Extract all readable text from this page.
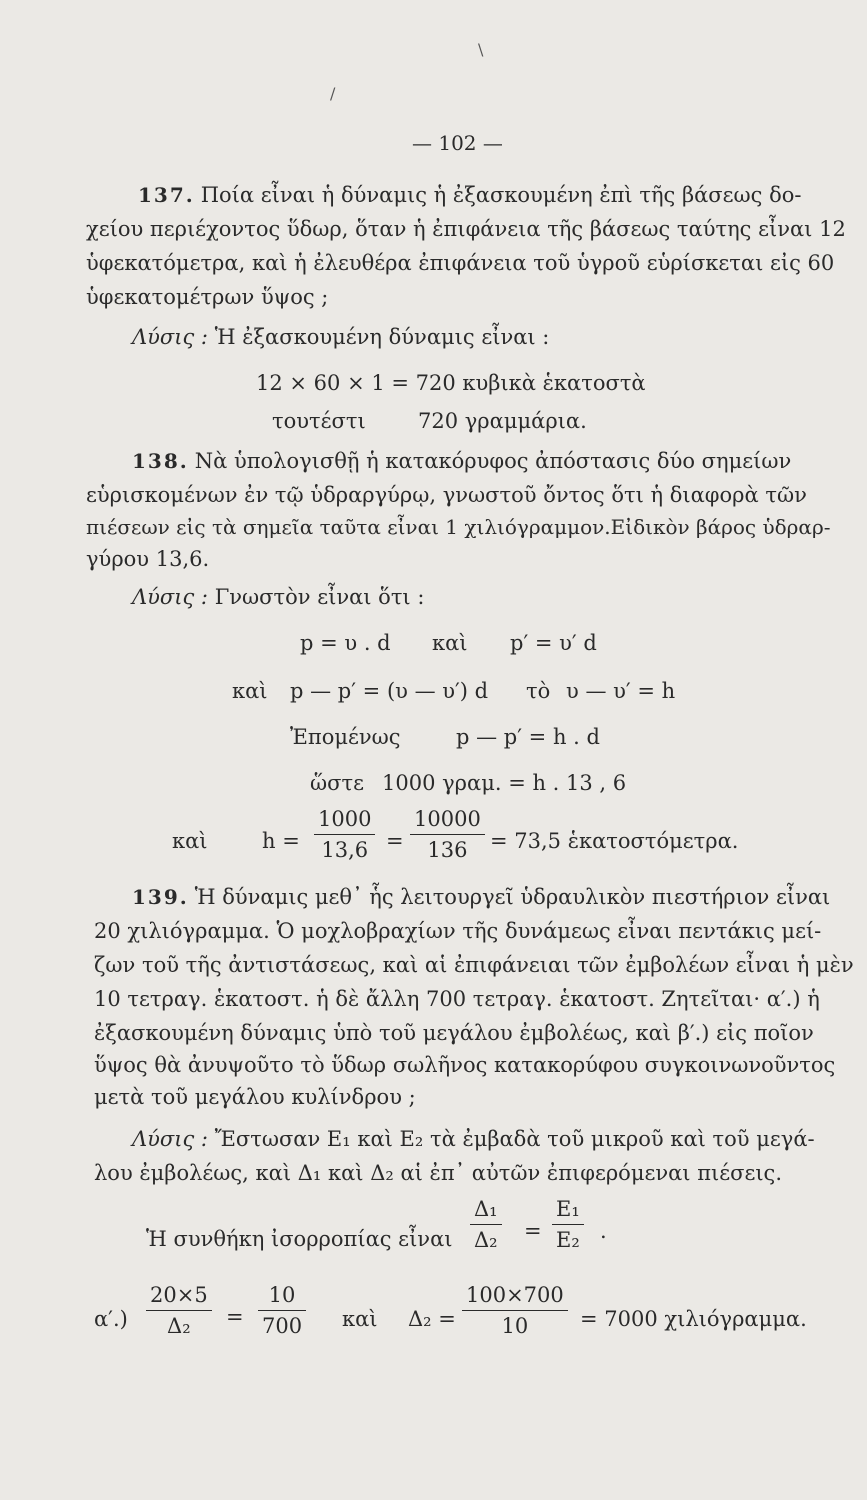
\
/
— 102 —
137. Ποία εἶναι ἡ δύναμις ἡ ἐξασκουμένη ἐπὶ τῆς βάσεως δο-
χείου περιέχοντος ὕδωρ, ὅταν ἡ ἐπιφάνεια τῆς βάσεως ταύτης εἶναι 12
ὑφεκατόμετρα, καὶ ἡ ἐλευθέρα ἐπιφάνεια τοῦ ὑγροῦ εὑρίσκεται εἰς 60
ὑφεκατομέτρων ὕψος ;
Λύσις : Ἡ ἐξασκουμένη δύναμις εἶναι :
12 ⨯ 60 ⨯ 1 = 720 κυβικὰ ἑκατοστὰ
τουτέστι 720 γραμμάρια.
138. Νὰ ὑπολογισθῇ ἡ κατακόρυφος ἀπόστασις δύο σημείων
εὑρισκομένων ἐν τῷ ὑδραργύρῳ, γνωστοῦ ὄντος ὅτι ἡ διαφορὰ τῶν
πιέσεων εἰς τὰ σημεῖα ταῦτα εἶναι 1 χιλιόγραμμον.Εἰδικὸν βάρος ὑδραρ-
γύρου 13,6.
Λύσις : Γνωστὸν εἶναι ὅτι :
p = υ . d καὶ p′ = υ′ d
καὶ p — p′ = (υ — υ′) d τὸ υ — υ′ = h
Ἐπομένως	p — p′ = h . d
ὥστε 1000 γραμ. = h . 13 , 6
καὶ	h =
1000
13,6 =
10000
136 = 73,5 ἑκατοστόμετρα.
139. Ἡ δύναμις μεθ᾽ ἧς λειτουργεῖ ὑδραυλικὸν πιεστήριον εἶναι
20 χιλιόγραμμα. Ὁ μοχλοβραχίων τῆς δυνάμεως εἶναι πεντάκις μεί-
ζων τοῦ τῆς ἀντιστάσεως, καὶ αἱ ἐπιφάνειαι τῶν ἐμβολέων εἶναι ἡ μὲν
10 τετραγ. ἑκατοστ. ἡ δὲ ἄλλη 700 τετραγ. ἑκατοστ. Ζητεῖται· α′.) ἡ
ἐξασκουμένη δύναμις ὑπὸ τοῦ μεγάλου ἐμβολέως, καὶ β′.) εἰς ποῖον
ὕψος θὰ ἀνυψοῦτο τὸ ὕδωρ σωλῆνος κατακορύφου συγκοινωνοῦντος
μετὰ τοῦ μεγάλου κυλίνδρου ;
Λύσις : Ἔστωσαν E₁ καὶ E₂ τὰ ἐμβαδὰ τοῦ μικροῦ καὶ τοῦ μεγά-
λου ἐμβολέως, καὶ Δ₁ καὶ Δ₂ αἱ ἐπ᾽ αὐτῶν ἐπιφερόμεναι πιέσεις.
Ἡ συνθήκη ἰσορροπίας εἶναι
Δ₁
Δ₂ =
E₁
E₂ .
α′.)
20⨯5
Δ₂ =
10
700 καὶ Δ₂ =
100⨯700
10 = 7000 χιλιόγραμμα.
